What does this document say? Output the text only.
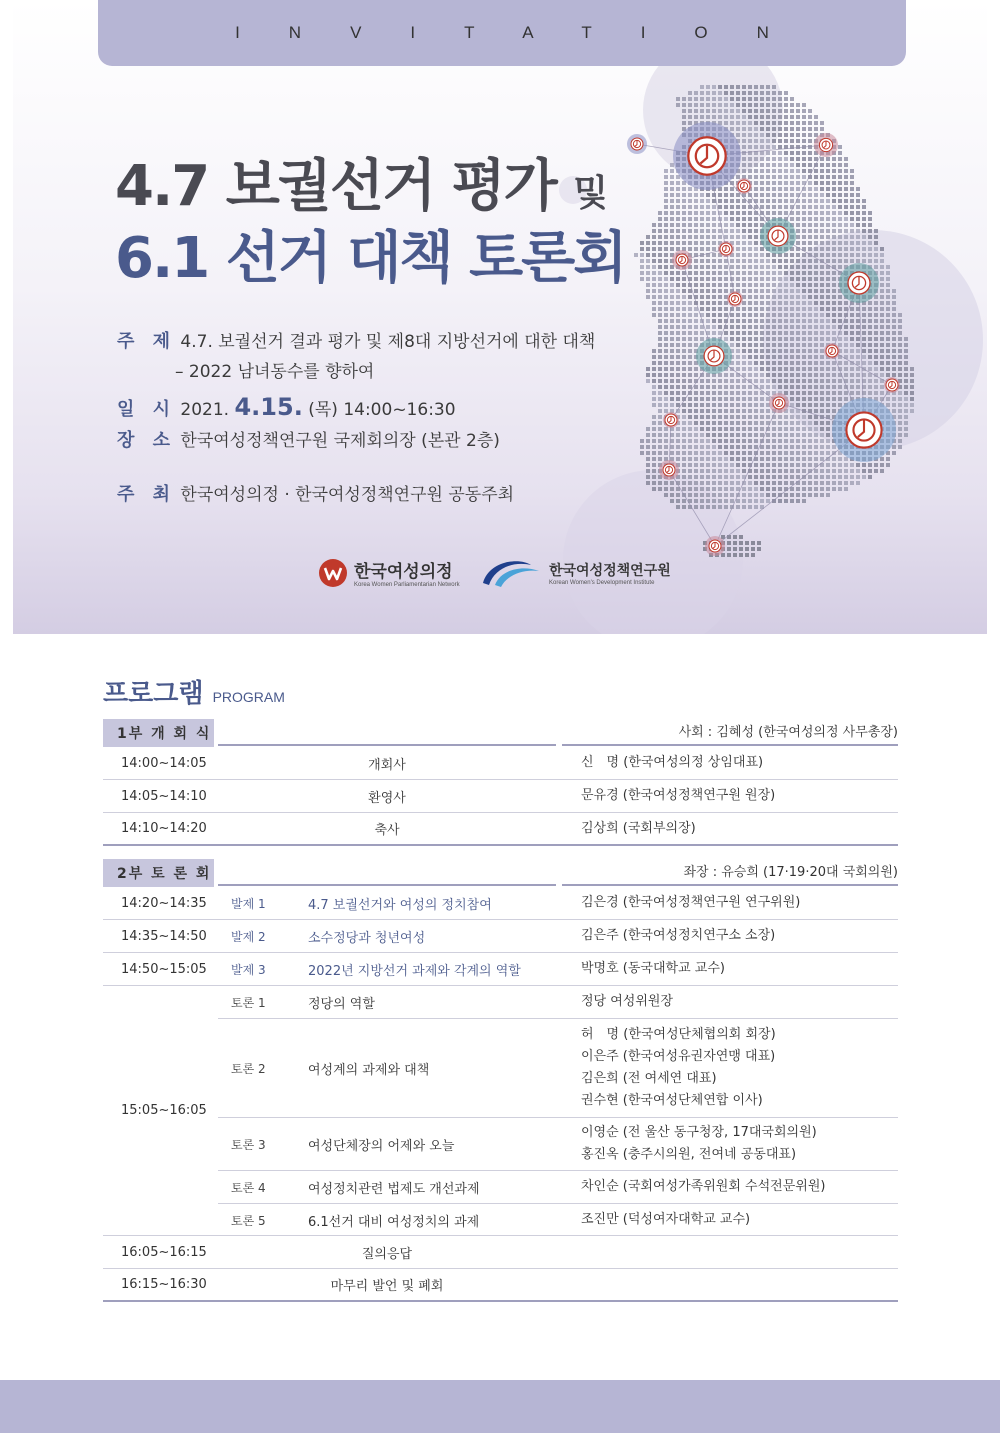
INVITATION
4.7 보궐선거 평가 및
6.1 선거 대책 토론회
주 제 4.7. 보궐선거 결과 평가 및 제8대 지방선거에 대한 대책
– 2022 남녀동수를 향하여
일 시 2021. 4.15. (목) 14:00~16:30
장 소 한국여성정책연구원 국제회의장 (본관 2층)
주 최 한국여성의정 · 한국여성정책연구원 공동주최
한국여성의정
Korea Women Parliamentarian Network
한국여성정책연구원
Korean Women's Development Institute
프로그램 PROGRAM
1부 개 회 식	사회 : 김혜성 (한국여성의정 사무총장)
14:00~14:05	개회사	신　명 (한국여성의정 상임대표)
14:05~14:10	환영사	문유경 (한국여성정책연구원 원장)
14:10~14:20	축사	김상희 (국회부의장)
2부 토 론 회	좌장 : 유승희 (17·19·20대 국회의원)
14:20~14:35	발제 1	4.7 보궐선거와 여성의 정치참여	김은경 (한국여성정책연구원 연구위원)
14:35~14:50	발제 2	소수정당과 청년여성	김은주 (한국여성정치연구소 소장)
14:50~15:05	발제 3	2022년 지방선거 과제와 각계의 역할	박명호 (동국대학교 교수)
15:05~16:05
토론 1	정당의 역할	정당 여성위원장
토론 2	여성계의 과제와 대책
허　명 (한국여성단체협의회 회장)
이은주 (한국여성유권자연맹 대표)
김은희 (전 여세연 대표)
권수현 (한국여성단체연합 이사)
토론 3	여성단체장의 어제와 오늘
이영순 (전 울산 동구청장, 17대국회의원)
홍진옥 (충주시의원, 전여네 공동대표)
토론 4	여성정치관련 법제도 개선과제	차인순 (국회여성가족위원회 수석전문위원)
토론 5	6.1선거 대비 여성정치의 과제	조진만 (덕성여자대학교 교수)
16:05~16:15	질의응답
16:15~16:30	마무리 발언 및 폐회
